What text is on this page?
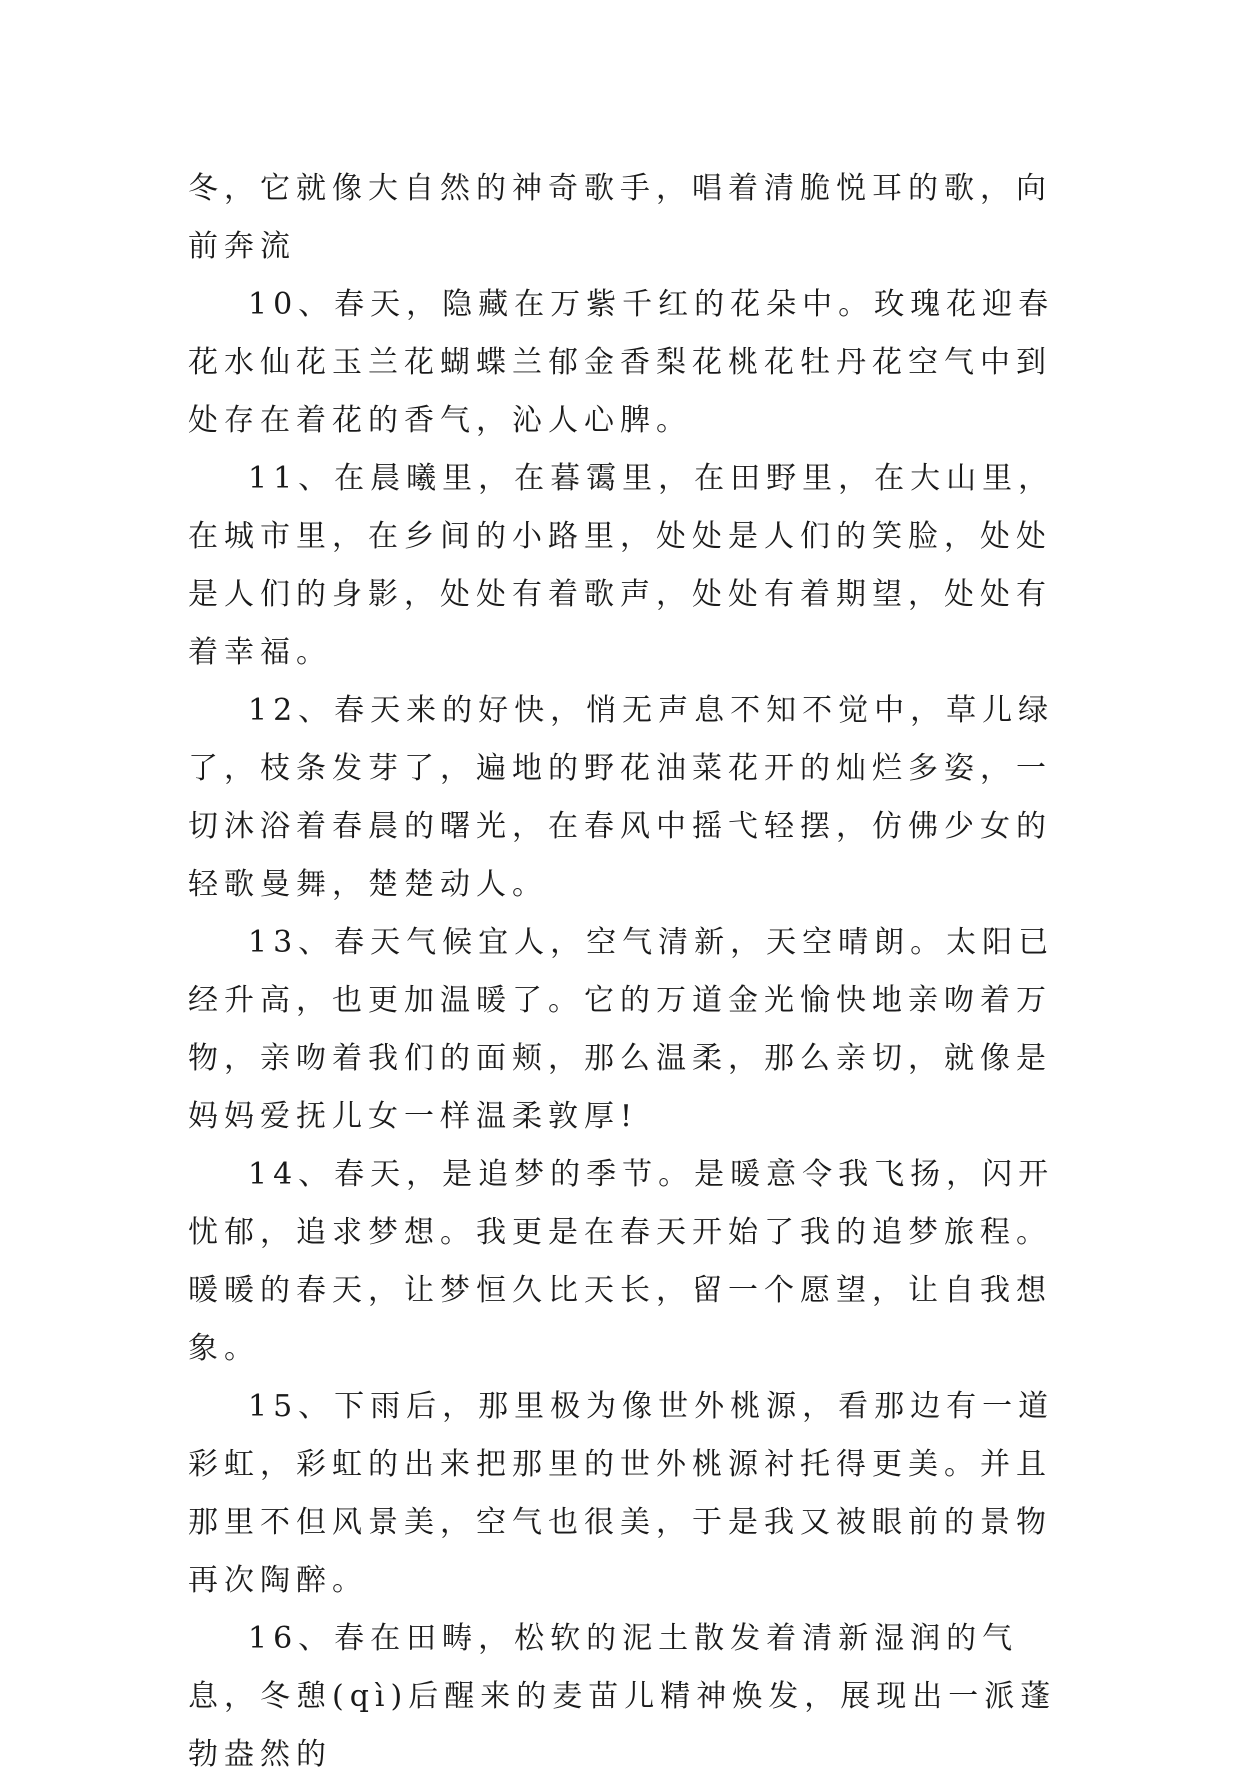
冬，它就像大自然的神奇歌手，唱着清脆悦耳的歌，向前奔流

10、春天，隐藏在万紫千红的花朵中。玫瑰花迎春花水仙花玉兰花蝴蝶兰郁金香梨花桃花牡丹花空气中到处存在着花的香气，沁人心脾。

11、在晨曦里，在暮霭里，在田野里，在大山里，在城市里，在乡间的小路里，处处是人们的笑脸，处处是人们的身影，处处有着歌声，处处有着期望，处处有着幸福。

12、春天来的好快，悄无声息不知不觉中，草儿绿了，枝条发芽了，遍地的野花油菜花开的灿烂多姿，一切沐浴着春晨的曙光，在春风中摇弋轻摆，仿佛少女的轻歌曼舞，楚楚动人。

13、春天气候宜人，空气清新，天空晴朗。太阳已经升高，也更加温暖了。它的万道金光愉快地亲吻着万物，亲吻着我们的面颊，那么温柔，那么亲切，就像是妈妈爱抚儿女一样温柔敦厚!

14、春天，是追梦的季节。是暖意令我飞扬，闪开忧郁，追求梦想。我更是在春天开始了我的追梦旅程。暖暖的春天，让梦恒久比天长，留一个愿望，让自我想象。

15、下雨后，那里极为像世外桃源，看那边有一道彩虹，彩虹的出来把那里的世外桃源衬托得更美。并且那里不但风景美，空气也很美，于是我又被眼前的景物再次陶醉。

16、春在田畴，松软的泥土散发着清新湿润的气息，冬憩(qì)后醒来的麦苗儿精神焕发，展现出一派蓬勃盎然的
